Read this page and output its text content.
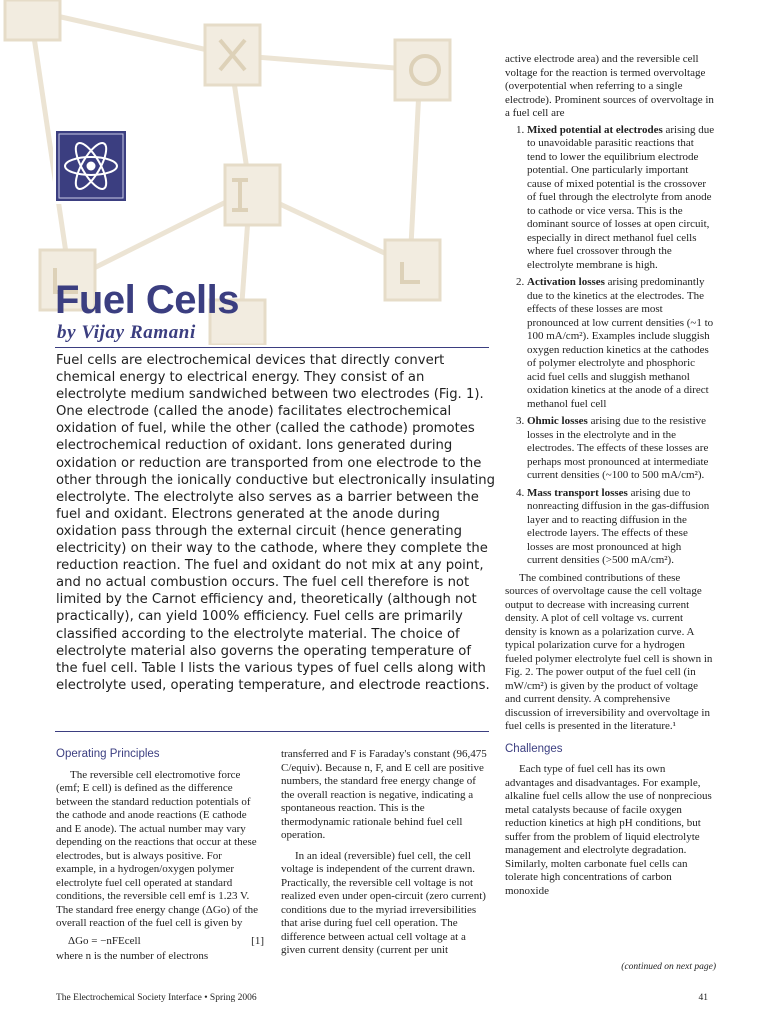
Fuel Cells
by Vijay Ramani

Fuel cells are electrochemical devices that directly convert chemical energy to electrical energy. They consist of an electrolyte medium sandwiched between two electrodes (Fig. 1). One electrode (called the anode) facilitates electrochemical oxidation of fuel, while the other (called the cathode) promotes electrochemical reduction of oxidant. Ions generated during oxidation or reduction are transported from one electrode to the other through the ionically conductive but electronically insulating electrolyte. The electrolyte also serves as a barrier between the fuel and oxidant. Electrons generated at the anode during oxidation pass through the external circuit (hence generating electricity) on their way to the cathode, where they complete the reduction reaction. The fuel and oxidant do not mix at any point, and no actual combustion occurs. The fuel cell therefore is not limited by the Carnot efficiency and, theoretically (although not practically), can yield 100% efficiency. Fuel cells are primarily classified according to the electrolyte material. The choice of electrolyte material also governs the operating temperature of the fuel cell. Table I lists the various types of fuel cells along with electrolyte used, operating temperature, and electrode reactions.

Operating Principles

The reversible cell electromotive force (emf; E cell) is defined as the difference between the standard reduction potentials of the cathode and anode reactions (E cathode and E anode). The actual number may vary depending on the reactions that occur at these electrodes, but is always positive. For example, in a hydrogen/oxygen polymer electrolyte fuel cell operated at standard conditions, the reversible cell emf is 1.23 V. The standard free energy change (ΔGo) of the overall reaction of the fuel cell is given by

ΔGo = −nFEcell	[1]

where n is the number of electrons

transferred and F is Faraday's constant (96,475 C/equiv). Because n, F, and E cell are positive numbers, the standard free energy change of the overall reaction is negative, indicating a spontaneous reaction. This is the thermodynamic rationale behind fuel cell operation.

In an ideal (reversible) fuel cell, the cell voltage is independent of the current drawn. Practically, the reversible cell voltage is not realized even under open-circuit (zero current) conditions due to the myriad irreversibilities that arise during fuel cell operation. The difference between actual cell voltage at a given current density (current per unit

active electrode area) and the reversible cell voltage for the reaction is termed overvoltage (overpotential when referring to a single electrode). Prominent sources of overvoltage in a fuel cell are

1. Mixed potential at electrodes arising due to unavoidable parasitic reactions that tend to lower the equilibrium electrode potential. One particularly important cause of mixed potential is the crossover of fuel through the electrolyte from anode to cathode or vice versa. This is the dominant source of losses at open circuit, especially in direct methanol fuel cells where fuel crossover through the electrolyte membrane is high.
2. Activation losses arising predominantly due to the kinetics at the electrodes. The effects of these losses are most pronounced at low current densities (~1 to 100 mA/cm²). Examples include sluggish oxygen reduction kinetics at the cathodes of polymer electrolyte and phosphoric acid fuel cells and sluggish methanol oxidation kinetics at the anode of a direct methanol fuel cell
3. Ohmic losses arising due to the resistive losses in the electrolyte and in the electrodes. The effects of these losses are perhaps most pronounced at intermediate current densities (~100 to 500 mA/cm²).
4. Mass transport losses arising due to nonreacting diffusion in the gas-diffusion layer and to reacting diffusion in the electrode layers. The effects of these losses are most pronounced at high current densities (>500 mA/cm²).

The combined contributions of these sources of overvoltage cause the cell voltage output to decrease with increasing current density. A plot of cell voltage vs. current density is known as a polarization curve. A typical polarization curve for a hydrogen fueled polymer electrolyte fuel cell is shown in Fig. 2. The power output of the fuel cell (in mW/cm²) is given by the product of voltage and current density. A comprehensive discussion of irreversibility and overvoltage in fuel cells is presented in the literature.¹

Challenges

Each type of fuel cell has its own advantages and disadvantages. For example, alkaline fuel cells allow the use of nonprecious metal catalysts because of facile oxygen reduction kinetics at high pH conditions, but suffer from the problem of liquid electrolyte management and electrolyte degradation. Similarly, molten carbonate fuel cells can tolerate high concentrations of carbon monoxide

(continued on next page)
The Electrochemical Society Interface • Spring 2006	41
